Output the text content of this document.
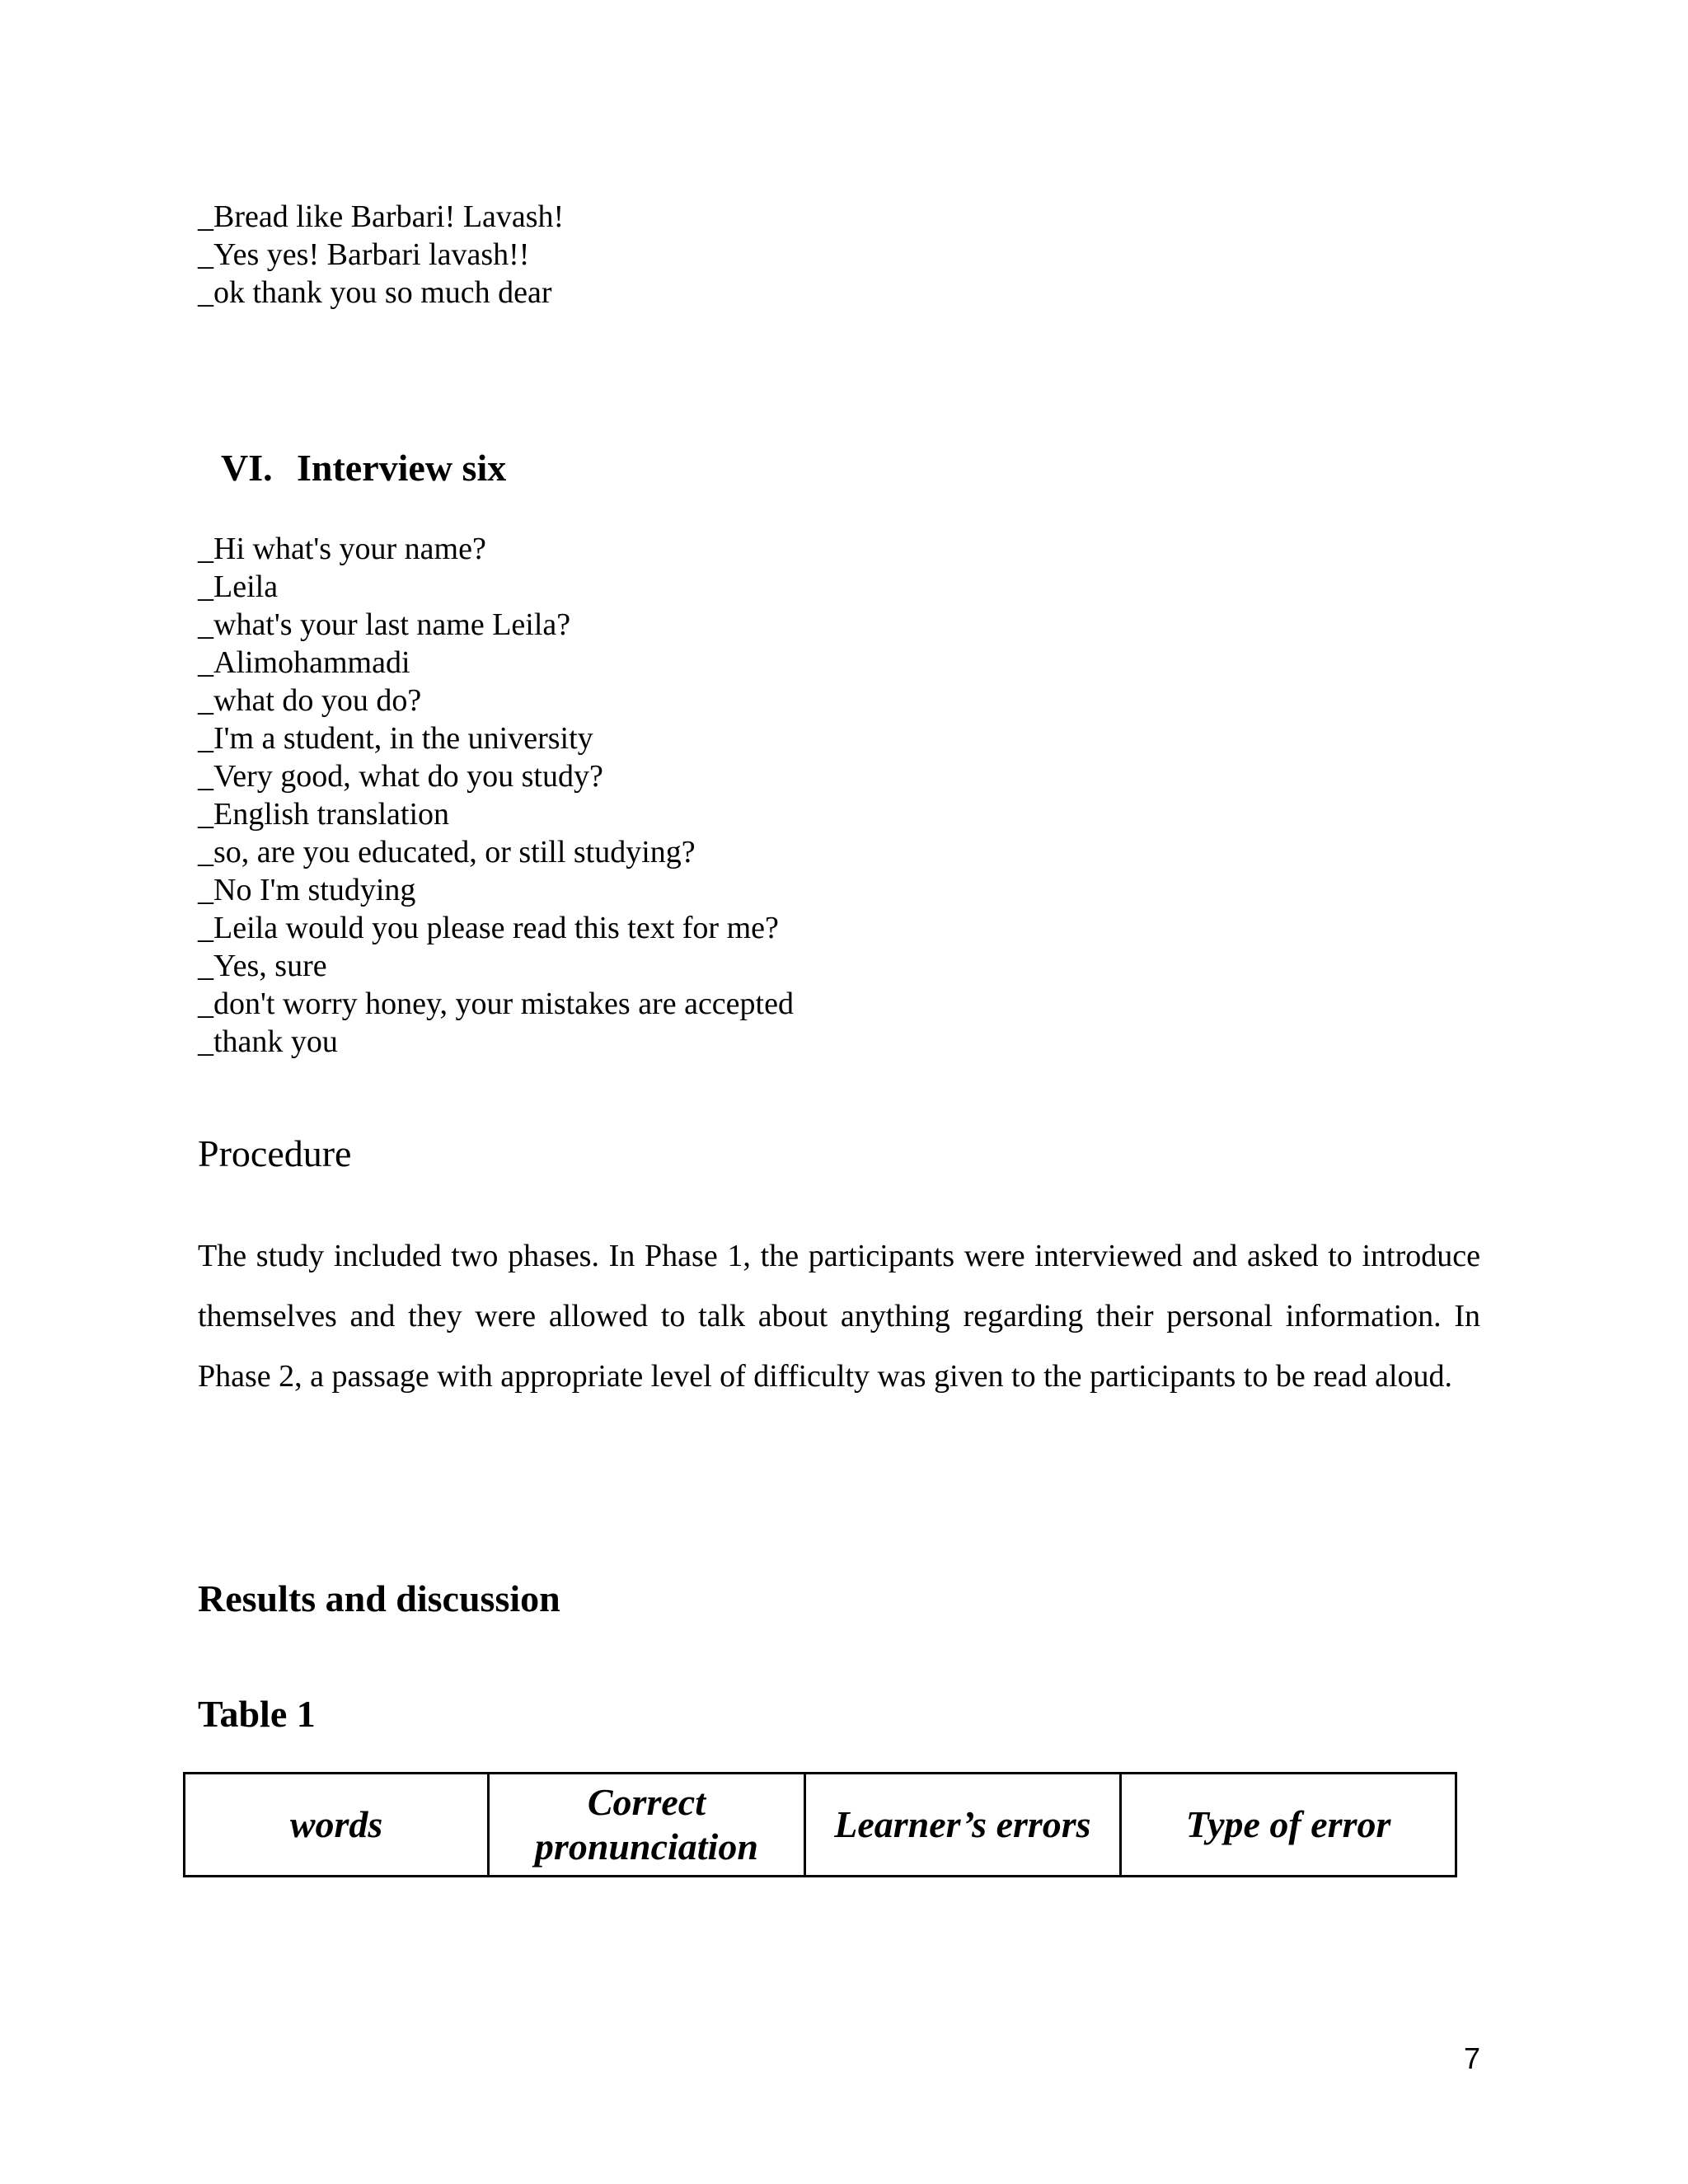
_Bread like Barbari! Lavash!
_Yes yes! Barbari lavash!!
_ok thank you so much dear
VI. Interview six
_Hi what's your name?
_Leila
_what's your last name Leila?
_Alimohammadi
_what do you do?
_I'm a student, in the university
_Very good, what do you study?
_English translation
_so, are you educated, or still studying?
_No I'm studying
_Leila would you please read this text for me?
_Yes, sure
_don't worry honey, your mistakes are accepted
_thank you
Procedure

The study included two phases. In Phase 1, the participants were interviewed and asked to introduce themselves and they were allowed to talk about anything regarding their personal information. In Phase 2, a passage with appropriate level of difficulty was given to the participants to be read aloud.

Results and discussion
Table 1
words	Correct pronunciation	Learner’s errors	Type of error
7
